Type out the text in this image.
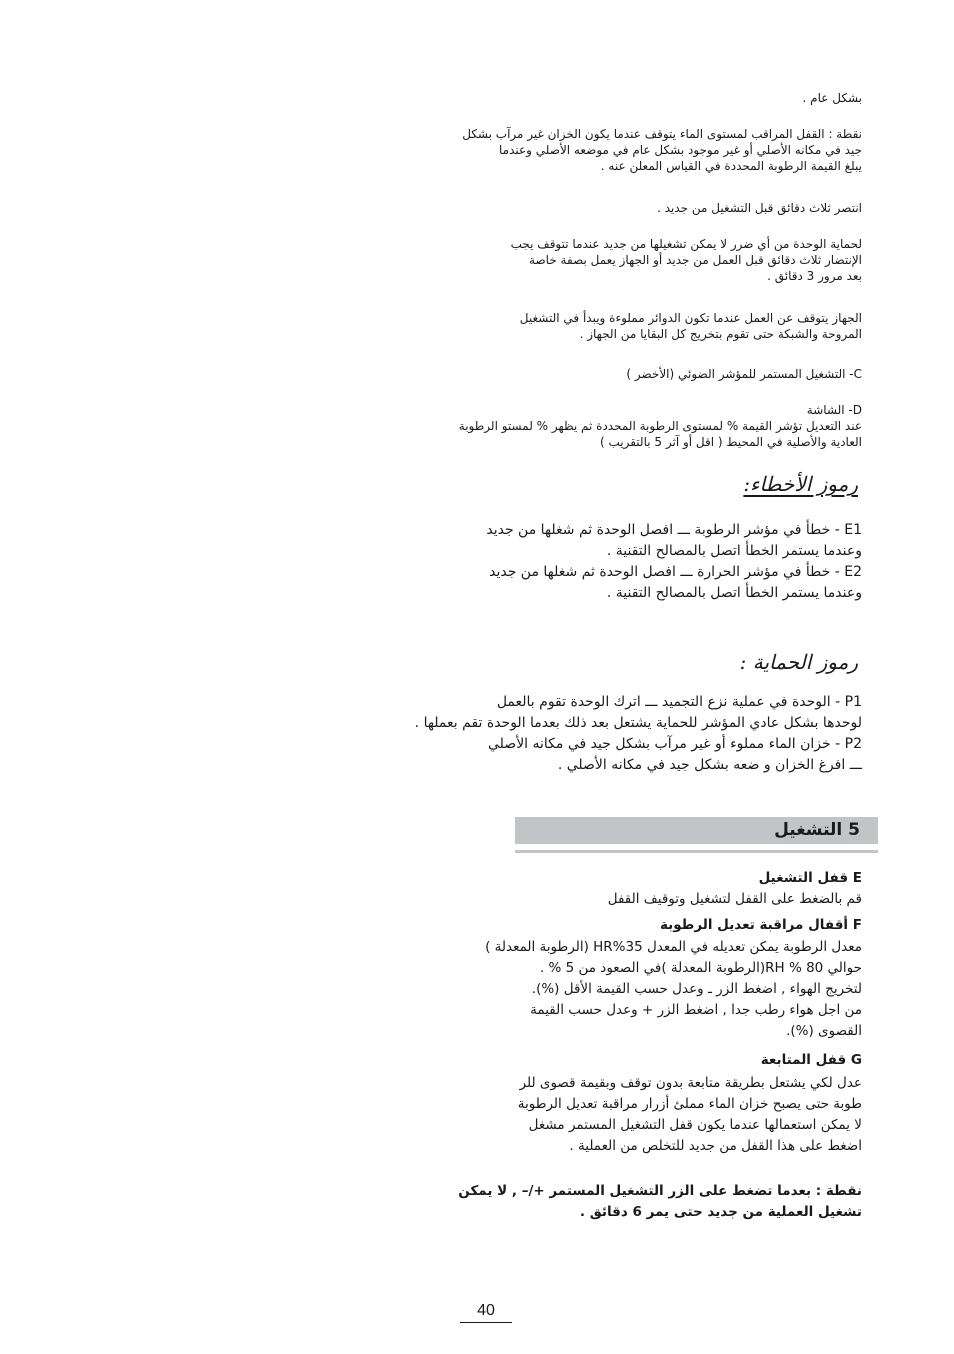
بشكل عام .

نقطة : القفل المراقب لمستوى الماء يتوقف عندما يكون الخزان غير مرآب بشكل
جيد في مكانه الأصلي أو غير موجود بشكل عام في موضعه الأصلي وعندما
يبلغ القيمة الرطوبة المحددة في القياس المعلن عنه .

انتصر ثلاث دقائق قبل التشغيل من جديد .

لحماية الوحدة من أي ضرر لا يمكن تشغيلها من جديد عندما تتوقف يجب
الإنتضار ثلاث دقائق قبل العمل من جديد أو الجهاز يعمل بصفة خاصة
بعد مرور 3 دقائق .

الجهاز يتوقف عن العمل عندما تكون الدوائر مملوءة ويبدأ في التشغيل
المروحة والشبكة حتى تقوم بتخريج كل البقايا من الجهاز .

C- التشغيل المستمر للمؤشر الضوئي (الأخضر )

D- الشاشة
عند التعديل تؤشر القيمة % لمستوى الرطوبة المحددة ثم يظهر % لمستو الرطوبة
العادية والأصلية في المحيط ( اقل أو آثر 5 بالتقريب )

رموز الأخطاء:

E1 - خطأ في مؤشر الرطوبة ـــ افصل الوحدة ثم شغلها من جديد
وعندما يستمر الخطأ اتصل بالمصالح التقنية .
E2 - خطأ في مؤشر الحرارة ـــ افصل الوحدة ثم شغلها من جديد
وعندما يستمر الخطأ اتصل بالمصالح التقنية .

رموز الحماية :

P1 - الوحدة في عملية نزع التجميد ـــ اترك الوحدة تقوم بالعمل
لوحدها بشكل عادي المؤشر للحماية يشتعل بعد ذلك بعدما الوحدة تقم بعملها .
P2 - خزان الماء مملوء أو غير مرآب بشكل جيد في مكانه الأصلي
ـــ افرغ الخزان و ضعه بشكل جيد في مكانه الأصلي .

5 التشغيل

E قفل التشغيل

قم بالضغط على القفل لتشغيل وتوقيف القفل

F أقفال مراقبة تعديل الرطوبة

معدل الرطوبة يمكن تعديله في المعدل HR%35 (الرطوبة المعدلة )
حوالي RH % 80(الرطوبة المعدلة )في الصعود من 5 % .
لتخريج الهواء , اضغط الزر ـ وعدل حسب القيمة الأقل (%).
من اجل هواء رطب جدا , اضغط الزر + وعدل حسب القيمة
القصوى (%).

G قفل المتابعة

عدل لكي يشتعل بطريقة متابعة بدون توقف وبقيمة قصوى للر
طوبة حتى يصبح خزان الماء مملئ أزرار مراقبة تعديل الرطوبة
لا يمكن استعمالها عندما يكون قفل التشغيل المستمر مشغل
اضغط على هذا القفل من جديد للتخلص من العملية .

نقطة : بعدما تضغط على الزر التشغيل المستمر +/– , لا يمكن
تشغيل العملية من جديد حتى يمر 6 دقائق .

40
